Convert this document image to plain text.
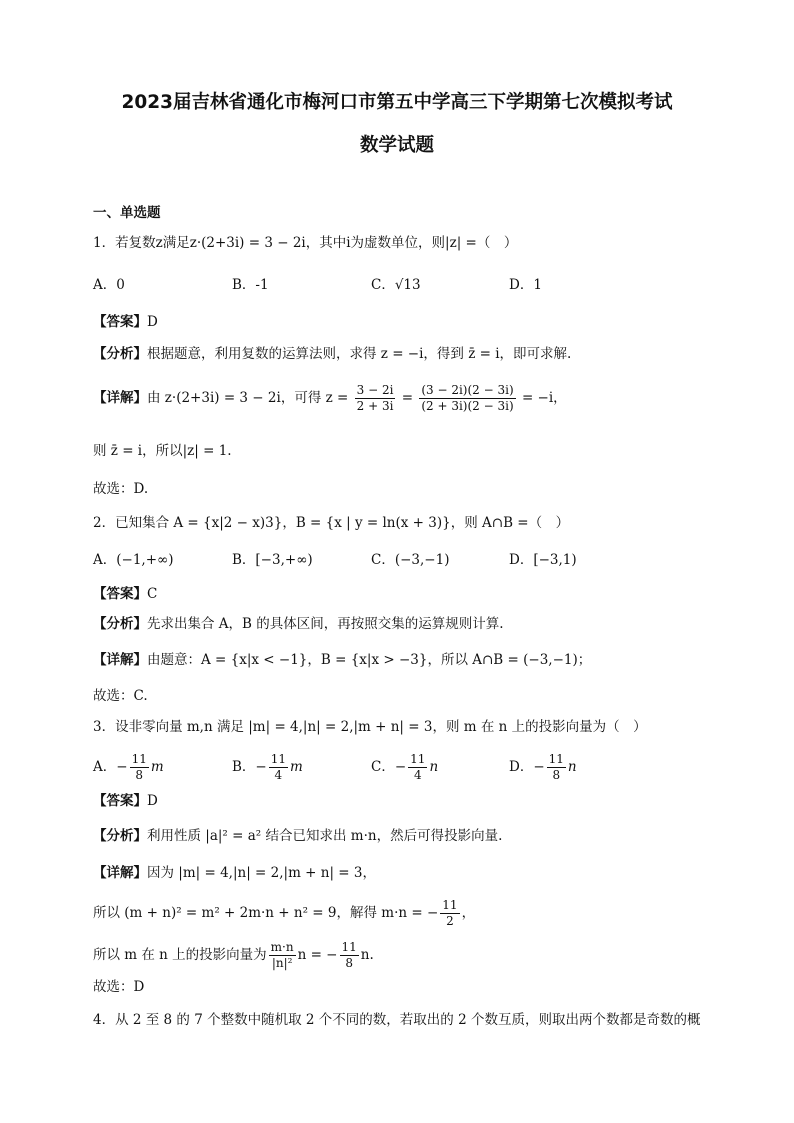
2023届吉林省通化市梅河口市第五中学高三下学期第七次模拟考试
数学试题
一、单选题
1．若复数z满足z·(2+3i) = 3 − 2i，其中i为虚数单位，则|z| =（　）
A．0	B．-1	C．√13	D．1
【答案】D
【分析】根据题意，利用复数的运算法则，求得 z = −i，得到 z̄ = i，即可求解.
【详解】由 z·(2+3i) = 3 − 2i，可得 $z = \frac{3 - 2i}{2 + 3i} = \frac{(3 - 2i)(2 - 3i)}{(2 + 3i)(2 - 3i)} = -i$，
则 z̄ = i，所以|z| = 1.
故选：D.
2．已知集合 A = {x|2 − x)3}，B = {x | y = ln(x + 3)}，则 A∩B =（　）
A．(−1,+∞)	B．[−3,+∞)	C．(−3,−1)	D．[−3,1)
【答案】C
【分析】先求出集合 A，B 的具体区间，再按照交集的运算规则计算.
【详解】由题意：A = {x|x < −1}，B = {x|x > −3}，所以 A∩B = (−3,−1)；
故选：C.
3．设非零向量 m,n 满足 |m| = 4,|n| = 2,|m + n| = 3，则 m 在 n 上的投影向量为（　）
A．− $\frac{11}{8}$ m	B．− $\frac{11}{4}$ m	C．− $\frac{11}{4}$ n	D．− $\frac{11}{8}$ n
【答案】D
【分析】利用性质 |a|² = a² 结合已知求出 m·n，然后可得投影向量.
【详解】因为 |m| = 4,|n| = 2,|m + n| = 3，
所以 (m + n)² = m² + 2m·n + n² = 9，解得 m·n = − $\frac{11}{2}$ ，
所以 m 在 n 上的投影向量为 $\frac{m\cdot n}{\text{|n|²}}$ n = − $\frac{11}{8} n$.
故选：D
4．从 2 至 8 的 7 个整数中随机取 2 个不同的数，若取出的 2 个数互质，则取出两个数都是奇数的概
